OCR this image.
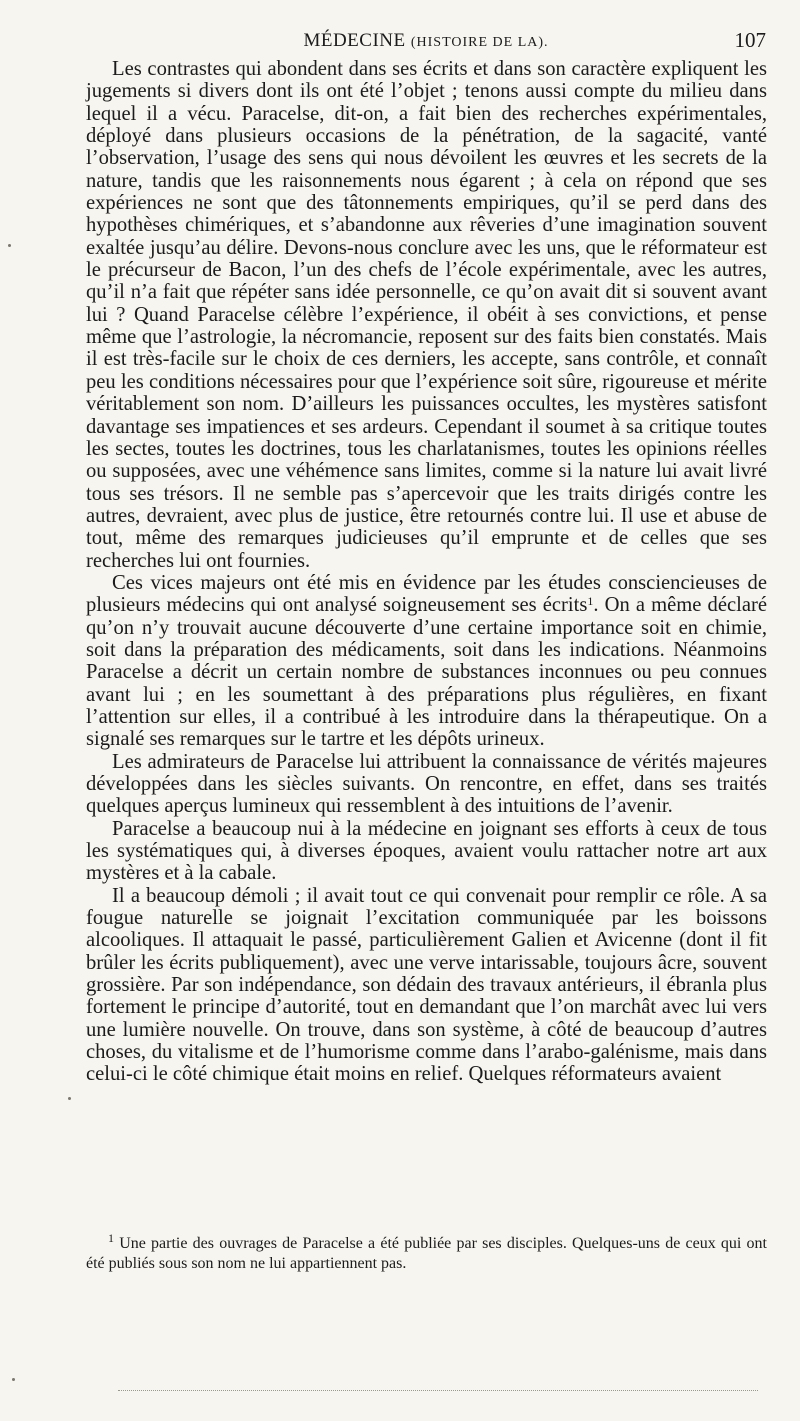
MÉDECINE (HISTOIRE DE LA).	107

Les contrastes qui abondent dans ses écrits et dans son caractère expliquent les jugements si divers dont ils ont été l’objet ; tenons aussi compte du milieu dans lequel il a vécu. Paracelse, dit-on, a fait bien des recherches expérimentales, déployé dans plusieurs occasions de la pénétration, de la sagacité, vanté l’observation, l’usage des sens qui nous dévoilent les œuvres et les secrets de la nature, tandis que les raisonnements nous égarent ; à cela on répond que ses expériences ne sont que des tâtonnements empiriques, qu’il se perd dans des hypothèses chimériques, et s’abandonne aux rêveries d’une imagination souvent exaltée jusqu’au délire. Devons-nous conclure avec les uns, que le réformateur est le précurseur de Bacon, l’un des chefs de l’école expérimentale, avec les autres, qu’il n’a fait que répéter sans idée personnelle, ce qu’on avait dit si souvent avant lui ? Quand Paracelse célèbre l’expérience, il obéit à ses convictions, et pense même que l’astrologie, la nécromancie, reposent sur des faits bien constatés. Mais il est très-facile sur le choix de ces derniers, les accepte, sans contrôle, et connaît peu les conditions nécessaires pour que l’expérience soit sûre, rigoureuse et mérite véritablement son nom. D’ailleurs les puissances occultes, les mystères satisfont davantage ses impatiences et ses ardeurs. Cependant il soumet à sa critique toutes les sectes, toutes les doctrines, tous les charlatanismes, toutes les opinions réelles ou supposées, avec une véhémence sans limites, comme si la nature lui avait livré tous ses trésors. Il ne semble pas s’apercevoir que les traits dirigés contre les autres, devraient, avec plus de justice, être retournés contre lui. Il use et abuse de tout, même des remarques judicieuses qu’il emprunte et de celles que ses recherches lui ont fournies.

Ces vices majeurs ont été mis en évidence par les études consciencieuses de plusieurs médecins qui ont analysé soigneusement ses écrits$^1$. On a même déclaré qu’on n’y trouvait aucune découverte d’une certaine importance soit en chimie, soit dans la préparation des médicaments, soit dans les indications. Néanmoins Paracelse a décrit un certain nombre de substances inconnues ou peu connues avant lui ; en les soumettant à des préparations plus régulières, en fixant l’attention sur elles, il a contribué à les introduire dans la thérapeutique. On a signalé ses remarques sur le tartre et les dépôts urineux.

Les admirateurs de Paracelse lui attribuent la connaissance de vérités majeures développées dans les siècles suivants. On rencontre, en effet, dans ses traités quelques aperçus lumineux qui ressemblent à des intuitions de l’avenir.

Paracelse a beaucoup nui à la médecine en joignant ses efforts à ceux de tous les systématiques qui, à diverses époques, avaient voulu rattacher notre art aux mystères et à la cabale.

Il a beaucoup démoli ; il avait tout ce qui convenait pour remplir ce rôle. A sa fougue naturelle se joignait l’excitation communiquée par les boissons alcooliques. Il attaquait le passé, particulièrement Galien et Avicenne (dont il fit brûler les écrits publiquement), avec une verve intarissable, toujours âcre, souvent grossière. Par son indépendance, son dédain des travaux antérieurs, il ébranla plus fortement le principe d’autorité, tout en demandant que l’on marchât avec lui vers une lumière nouvelle. On trouve, dans son système, à côté de beaucoup d’autres choses, du vitalisme et de l’humorisme comme dans l’arabo-galénisme, mais dans celui-ci le côté chimique était moins en relief. Quelques réformateurs avaient

$^1$ Une partie des ouvrages de Paracelse a été publiée par ses disciples. Quelques-uns de ceux qui ont été publiés sous son nom ne lui appartiennent pas.
